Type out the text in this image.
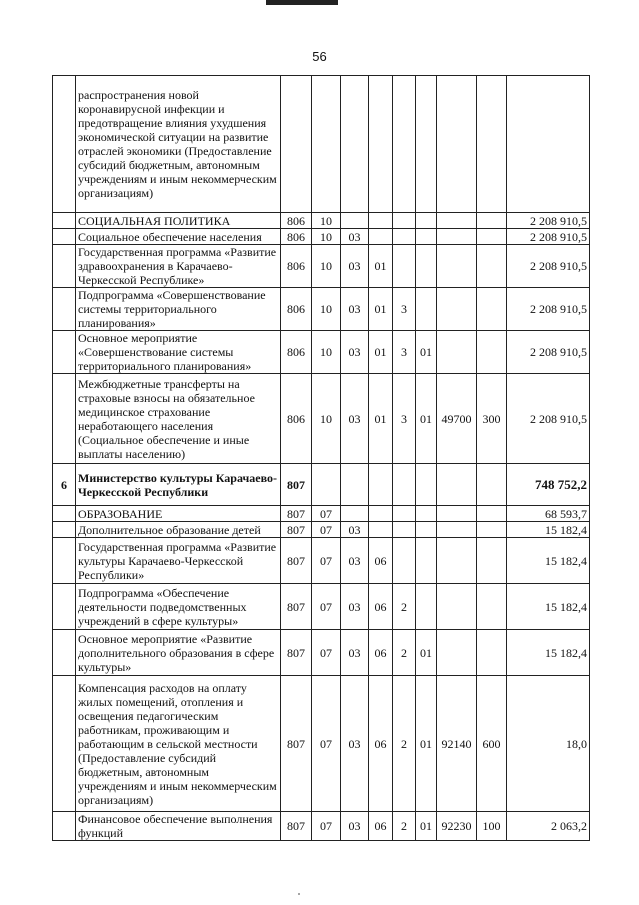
56
	распространения новой коронавирусной инфекции и предотвращение влияния ухудшения экономической ситуации на развитие отраслей экономики (Предоставление субсидий бюджетным, автономным учреждениям и иным некоммерческим организациям)									
	СОЦИАЛЬНАЯ ПОЛИТИКА	806	10							2 208 910,5
	Социальное обеспечение населения	806	10	03						2 208 910,5
	Государственная программа «Развитие здравоохранения в Карачаево-Черкесской Республике»	806	10	03	01					2 208 910,5
	Подпрограмма «Совершенствование системы территориального планирования»	806	10	03	01	3				2 208 910,5
	Основное мероприятие «Совершенствование системы территориального планирования»	806	10	03	01	3	01			2 208 910,5
	Межбюджетные трансферты на страховые взносы на обязательное медицинское страхование неработающего населения (Социальное обеспечение и иные выплаты населению)	806	10	03	01	3	01	49700	300	2 208 910,5
6	Министерство культуры Карачаево-Черкесской Республики	807								748 752,2
	ОБРАЗОВАНИЕ	807	07							68 593,7
	Дополнительное образование детей	807	07	03						15 182,4
	Государственная программа «Развитие культуры Карачаево-Черкесской Республики»	807	07	03	06					15 182,4
	Подпрограмма «Обеспечение деятельности подведомственных учреждений в сфере культуры»	807	07	03	06	2				15 182,4
	Основное мероприятие «Развитие дополнительного образования в сфере культуры»	807	07	03	06	2	01			15 182,4
	Компенсация расходов на оплату жилых помещений, отопления и освещения педагогическим работникам, проживающим и работающим в сельской местности (Предоставление субсидий бюджетным, автономным учреждениям и иным некоммерческим организациям)	807	07	03	06	2	01	92140	600	18,0
	Финансовое обеспечение выполнения функций	807	07	03	06	2	01	92230	100	2 063,2
